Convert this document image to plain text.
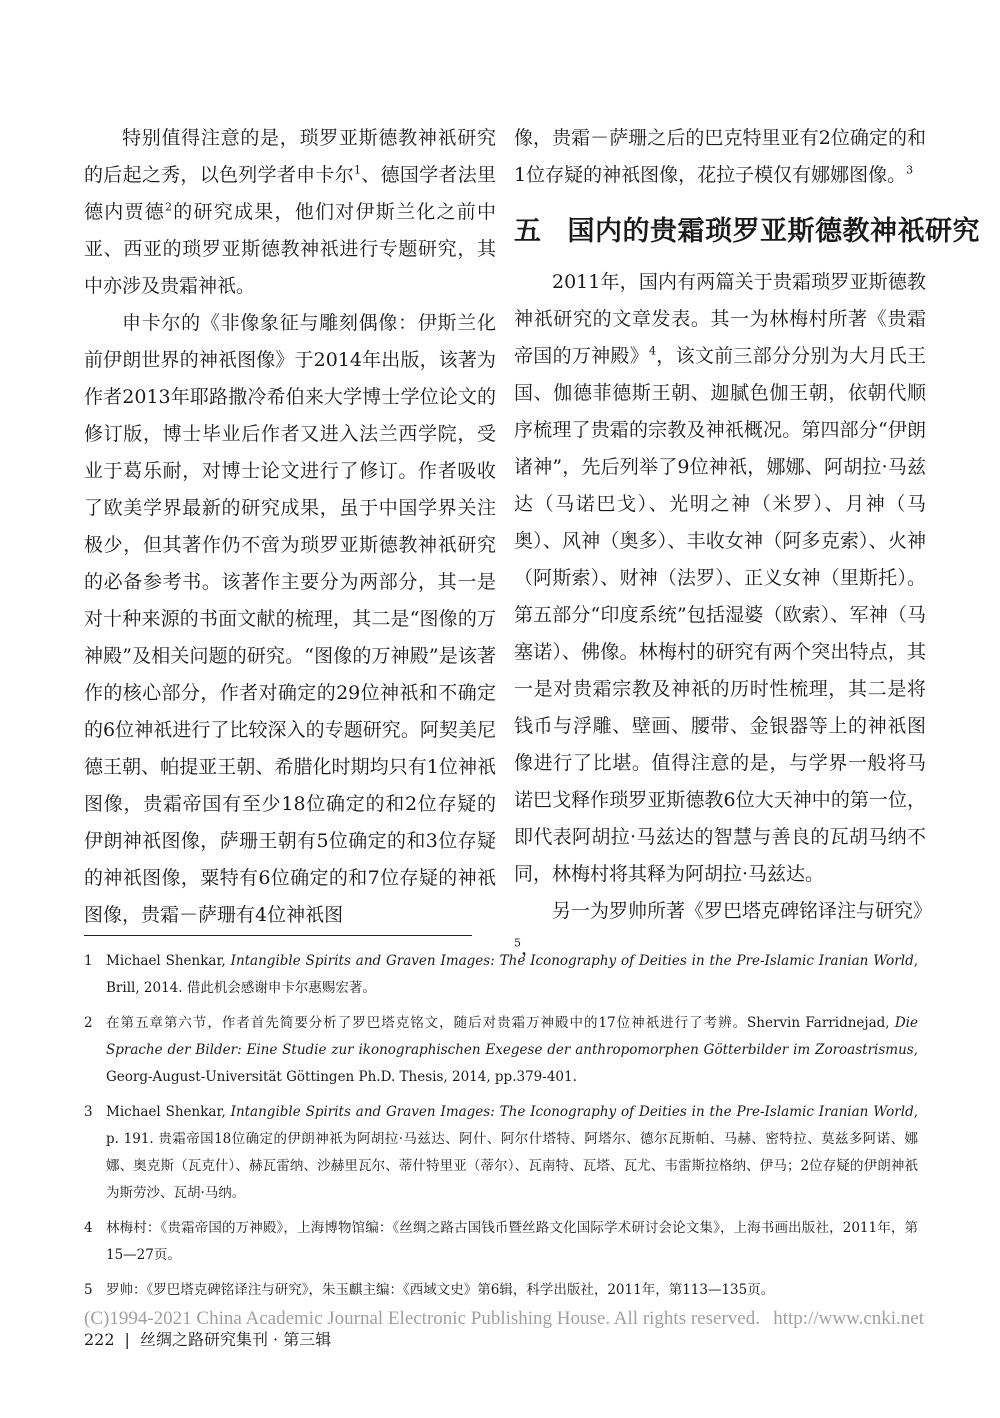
特别值得注意的是，琐罗亚斯德教神祇研究的后起之秀，以色列学者申卡尔$^1$、德国学者法里德内贾德$^2$的研究成果，他们对伊斯兰化之前中亚、西亚的琐罗亚斯德教神祇进行专题研究，其中亦涉及贵霜神祇。

申卡尔的《非像象征与雕刻偶像：伊斯兰化前伊朗世界的神祇图像》于2014年出版，该著为作者2013年耶路撒冷希伯来大学博士学位论文的修订版，博士毕业后作者又进入法兰西学院，受业于葛乐耐，对博士论文进行了修订。作者吸收了欧美学界最新的研究成果，虽于中国学界关注极少，但其著作仍不啻为琐罗亚斯德教神祇研究的必备参考书。该著作主要分为两部分，其一是对十种来源的书面文献的梳理，其二是“图像的万神殿”及相关问题的研究。“图像的万神殿”是该著作的核心部分，作者对确定的29位神祇和不确定的6位神祇进行了比较深入的专题研究。阿契美尼德王朝、帕提亚王朝、希腊化时期均只有1位神祇图像，贵霜帝国有至少18位确定的和2位存疑的伊朗神祇图像，萨珊王朝有5位确定的和3位存疑的神祇图像，粟特有6位确定的和7位存疑的神祇图像，贵霜－萨珊有4位神祇图

像，贵霜－萨珊之后的巴克特里亚有2位确定的和1位存疑的神祇图像，花拉子模仅有娜娜图像。$^3$

五 国内的贵霜琐罗亚斯德教神祇研究

2011年，国内有两篇关于贵霜琐罗亚斯德教神祇研究的文章发表。其一为林梅村所著《贵霜帝国的万神殿》$^4$，该文前三部分分别为大月氏王国、伽德菲德斯王朝、迦腻色伽王朝，依朝代顺序梳理了贵霜的宗教及神祇概况。第四部分“伊朗诸神”，先后列举了9位神祇，娜娜、阿胡拉·马兹达（马诺巴戈）、光明之神（米罗）、月神（马奥）、风神（奥多）、丰收女神（阿多克索）、火神（阿斯索）、财神（法罗）、正义女神（里斯托）。第五部分“印度系统”包括湿婆（欧索）、军神（马塞诺）、佛像。林梅村的研究有两个突出特点，其一是对贵霜宗教及神祇的历时性梳理，其二是将钱币与浮雕、壁画、腰带、金银器等上的神祇图像进行了比堪。值得注意的是，与学界一般将马诺巴戈释作琐罗亚斯德教6位大天神中的第一位，即代表阿胡拉·马兹达的智慧与善良的瓦胡马纳不同，林梅村将其释为阿胡拉·马兹达。

另一为罗帅所著《罗巴塔克碑铭译注与研究》$^5$，

1 Michael Shenkar, Intangible Spirits and Graven Images: The Iconography of Deities in the Pre-Islamic Iranian World, Brill, 2014. 借此机会感谢申卡尔惠赐宏著。
2 在第五章第六节，作者首先简要分析了罗巴塔克铭文，随后对贵霜万神殿中的17位神祇进行了考辨。Shervin Farridnejad, Die Sprache der Bilder: Eine Studie zur ikonographischen Exegese der anthropomorphen Götterbilder im Zoroastrismus, Georg-August-Universität Göttingen Ph.D. Thesis, 2014, pp.379-401.
3 Michael Shenkar, Intangible Spirits and Graven Images: The Iconography of Deities in the Pre-Islamic Iranian World, p. 191. 贵霜帝国18位确定的伊朗神祇为阿胡拉·马兹达、阿什、阿尔什塔特、阿塔尔、德尔瓦斯帕、马赫、密特拉、莫兹多阿诺、娜娜、奥克斯（瓦克什）、赫瓦雷纳、沙赫里瓦尔、蒂什特里亚（蒂尔）、瓦南特、瓦塔、瓦尤、韦雷斯拉格纳、伊马；2位存疑的伊朗神祇为斯劳沙、瓦胡·马纳。
4 林梅村：《贵霜帝国的万神殿》，上海博物馆编：《丝绸之路古国钱币暨丝路文化国际学术研讨会论文集》，上海书画出版社，2011年，第15—27页。
5 罗帅：《罗巴塔克碑铭译注与研究》，朱玉麒主编：《西域文史》第6辑，科学出版社，2011年，第113—135页。
(C)1994-2021 China Academic Journal Electronic Publishing House. All rights reserved. http://www.cnki.net
222 | 丝绸之路研究集刊 · 第三辑
